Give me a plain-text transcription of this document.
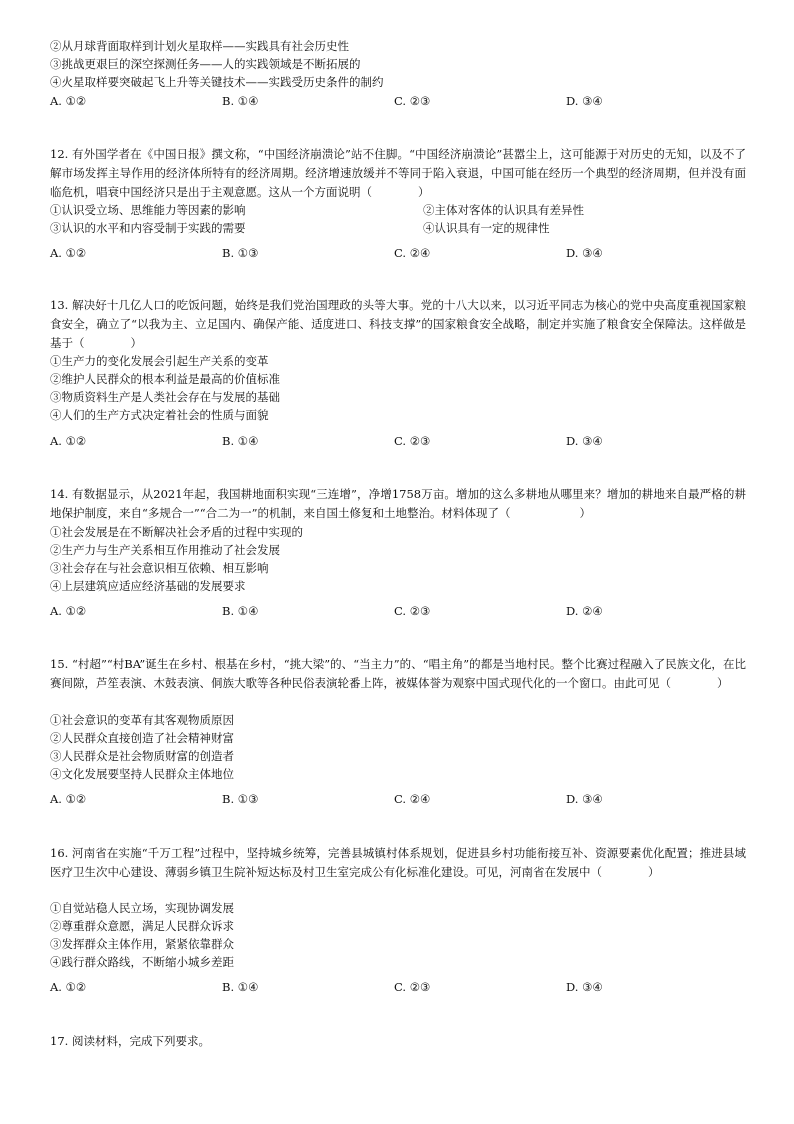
②从月球背面取样到计划火星取样——实践具有社会历史性
③挑战更艰巨的深空探测任务——人的实践领域是不断拓展的
④火星取样要突破起飞上升等关键技术——实践受历史条件的制约
A. ①②	B. ①④	C. ②③	D. ③④
12. 有外国学者在《中国日报》撰文称，“中国经济崩溃论”站不住脚。“中国经济崩溃论”甚嚣尘上，这可能源于对历史的无知，以及不了解市场发挥主导作用的经济体所特有的经济周期。经济增速放缓并不等同于陷入衰退，中国可能在经历一个典型的经济周期，但并没有面临危机，唱衰中国经济只是出于主观意愿。这从一个方面说明（　　　　）
①认识受立场、思维能力等因素的影响	②主体对客体的认识具有差异性
③认识的水平和内容受制于实践的需要	④认识具有一定的规律性
A. ①②	B. ①③	C. ②④	D. ③④
13. 解决好十几亿人口的吃饭问题，始终是我们党治国理政的头等大事。党的十八大以来，以习近平同志为核心的党中央高度重视国家粮食安全，确立了“以我为主、立足国内、确保产能、适度进口、科技支撑”的国家粮食安全战略，制定并实施了粮食安全保障法。这样做是基于（　　　　）
①生产力的变化发展会引起生产关系的变革
②维护人民群众的根本利益是最高的价值标准
③物质资料生产是人类社会存在与发展的基础
④人们的生产方式决定着社会的性质与面貌
A. ①②	B. ①④	C. ②③	D. ③④
14. 有数据显示，从2021年起，我国耕地面积实现“三连增”，净增1758万亩。增加的这么多耕地从哪里来？增加的耕地来自最严格的耕地保护制度，来自“多规合一”“合二为一”的机制，来自国土修复和土地整治。材料体现了（　　　　　　）
①社会发展是在不断解决社会矛盾的过程中实现的
②生产力与生产关系相互作用推动了社会发展
③社会存在与社会意识相互依赖、相互影响
④上层建筑应适应经济基础的发展要求
A. ①②	B. ①④	C. ②③	D. ②④
15. “村超”“村BA”诞生在乡村、根基在乡村，“挑大梁”的、“当主力”的、“唱主角”的都是当地村民。整个比赛过程融入了民族文化，在比赛间隙，芦笙表演、木鼓表演、侗族大歌等各种民俗表演轮番上阵，被媒体誉为观察中国式现代化的一个窗口。由此可见（　　　　）
①社会意识的变革有其客观物质原因
②人民群众直接创造了社会精神财富
③人民群众是社会物质财富的创造者
④文化发展要坚持人民群众主体地位
A. ①②	B. ①③	C. ②④	D. ③④
16. 河南省在实施“千万工程”过程中，坚持城乡统筹，完善县城镇村体系规划，促进县乡村功能衔接互补、资源要素优化配置；推进县域医疗卫生次中心建设、薄弱乡镇卫生院补短达标及村卫生室完成公有化标准化建设。可见，河南省在发展中（　　　　）
①自觉站稳人民立场，实现协调发展
②尊重群众意愿，满足人民群众诉求
③发挥群众主体作用，紧紧依靠群众
④践行群众路线，不断缩小城乡差距
A. ①②	B. ①④	C. ②③	D. ③④
17. 阅读材料，完成下列要求。
